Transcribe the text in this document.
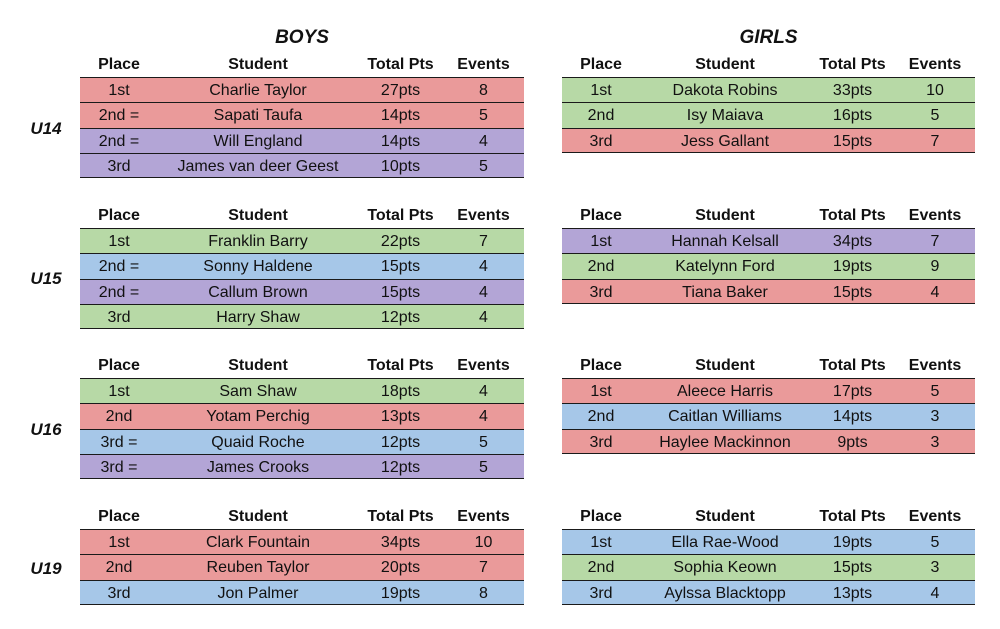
BOYS	GIRLS
U14
Place	Student	Total Pts	Events
1st	Charlie Taylor	27pts	8
2nd =	Sapati Taufa	14pts	5
2nd =	Will England	14pts	4
3rd	James van deer Geest	10pts	5
Place	Student	Total Pts	Events
1st	Dakota Robins	33pts	10
2nd	Isy Maiava	16pts	5
3rd	Jess Gallant	15pts	7
U15
Place	Student	Total Pts	Events
1st	Franklin Barry	22pts	7
2nd =	Sonny Haldene	15pts	4
2nd =	Callum Brown	15pts	4
3rd	Harry Shaw	12pts	4
Place	Student	Total Pts	Events
1st	Hannah Kelsall	34pts	7
2nd	Katelynn Ford	19pts	9
3rd	Tiana Baker	15pts	4
U16
Place	Student	Total Pts	Events
1st	Sam Shaw	18pts	4
2nd	Yotam Perchig	13pts	4
3rd =	Quaid Roche	12pts	5
3rd =	James Crooks	12pts	5
Place	Student	Total Pts	Events
1st	Aleece Harris	17pts	5
2nd	Caitlan Williams	14pts	3
3rd	Haylee Mackinnon	9pts	3
U19
Place	Student	Total Pts	Events
1st	Clark Fountain	34pts	10
2nd	Reuben Taylor	20pts	7
3rd	Jon Palmer	19pts	8
Place	Student	Total Pts	Events
1st	Ella Rae-Wood	19pts	5
2nd	Sophia Keown	15pts	3
3rd	Aylssa Blacktopp	13pts	4
